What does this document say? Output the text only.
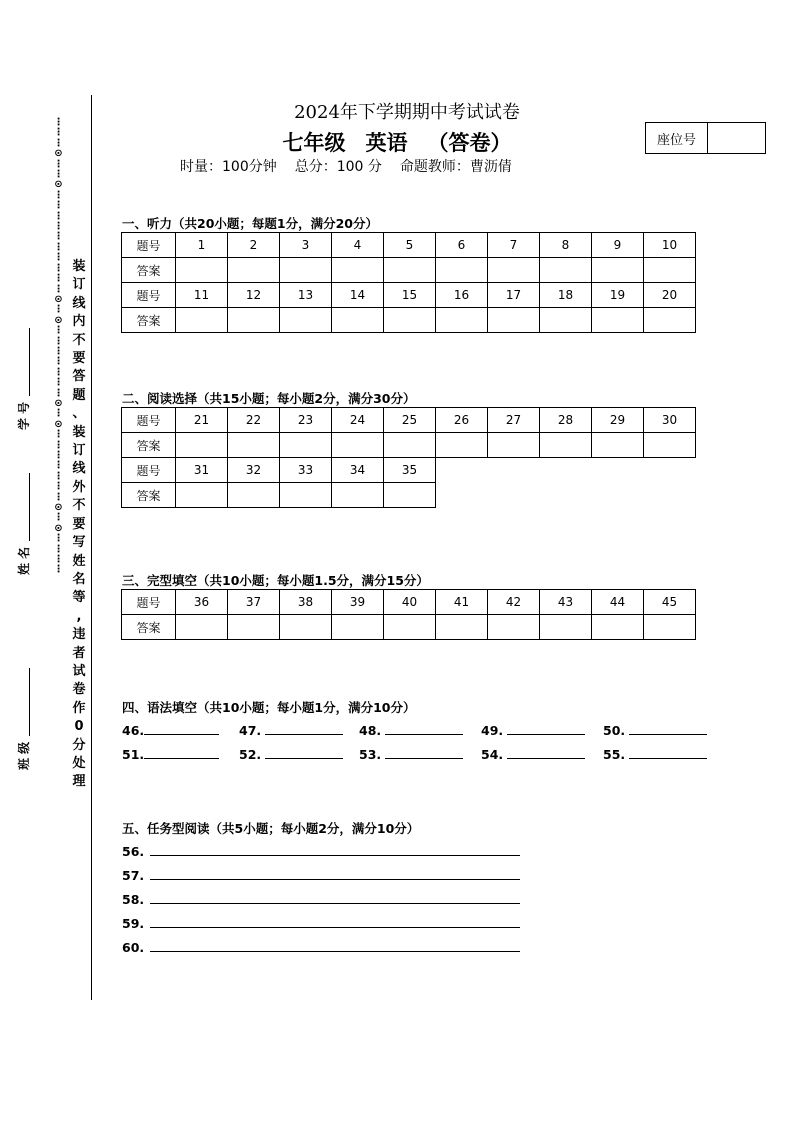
⋮
⋮
⋮
⊙
⋮
⋮
⊙
⋮
⋮
⋮
⋮
⋮
⋮
⋮
⋮
⋮
⋮
⊙
⋮
⊙
⋮
⋮
⋮
⋮
⋮
⋮
⋮
⊙
⋮
⊙
⋮
⋮
⋮
⋮
⋮
⋮
⋮
⊙
⋮
⊙
⋮
⋮
⋮
⋮
装
订
线
内
不
要
答
题
、
装
订
线
外
不
要
写
姓
名
等
,
违
者
试
卷
作
0
分
处
理
学 号
姓 名
班 级
2024年下学期期中考试试卷
七年级 英语 （答卷）
时量：100分钟 总分：100 分 命题教师：曹沥倩
座位号
一、听力（共20小题；每题1分，满分20分）
题号	1	2	3	4	5	6	7	8	9	10
答案										
题号	11	12	13	14	15	16	17	18	19	20
答案										
二、阅读选择（共15小题；每小题2分，满分30分）
题号	21	22	23	24	25	26	27	28	29	30
答案										
题号	31	32	33	34	35					
答案										
三、完型填空（共10小题；每小题1.5分，满分15分）
题号	36	37	38	39	40	41	42	43	44	45
答案										
四、语法填空（共10小题；每小题1分，满分10分）
46.	47.	48.	49.	50.
51.	52.	53.	54.	55.
五、任务型阅读（共5小题；每小题2分，满分10分）
56.
57.
58.
59.
60.
